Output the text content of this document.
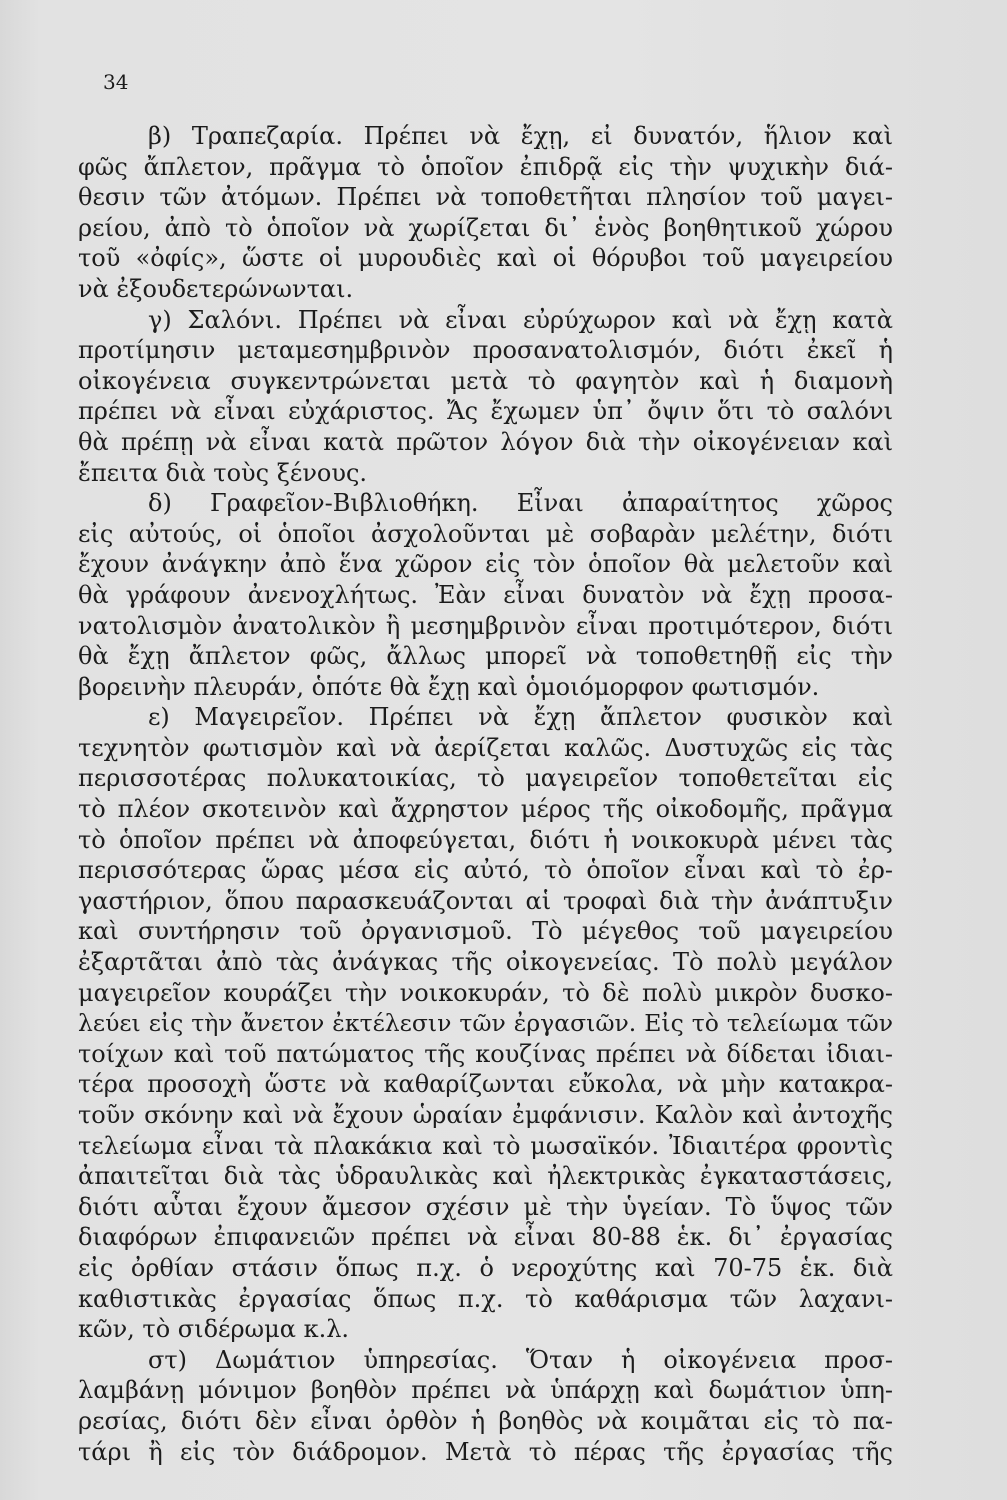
34
β) Τραπεζαρία. Πρέπει νὰ ἔχῃ, εἰ δυνατόν, ἥλιον καὶ
φῶς ἄπλετον, πρᾶγμα τὸ ὁποῖον ἐπιδρᾷ εἰς τὴν ψυχικὴν διά-
θεσιν τῶν ἀτόμων. Πρέπει νὰ τοποθετῆται πλησίον τοῦ μαγει-
ρείου, ἀπὸ τὸ ὁποῖον νὰ χωρίζεται δι᾿ ἑνὸς βοηθητικοῦ χώρου
τοῦ «ὀφίς», ὥστε οἱ μυρουδιὲς καὶ οἱ θόρυβοι τοῦ μαγειρείου
νὰ ἐξουδετερώνωνται.
γ) Σαλόνι. Πρέπει νὰ εἶναι εὐρύχωρον καὶ νὰ ἔχῃ κατὰ
προτίμησιν μεταμεσημβρινὸν προσανατολισμόν, διότι ἐκεῖ ἡ
οἰκογένεια συγκεντρώνεται μετὰ τὸ φαγητὸν καὶ ἡ διαμονὴ
πρέπει νὰ εἶναι εὐχάριστος. Ἄς ἔχωμεν ὑπ᾿ ὄψιν ὅτι τὸ σαλόνι
θὰ πρέπῃ νὰ εἶναι κατὰ πρῶτον λόγον διὰ τὴν οἰκογένειαν καὶ
ἔπειτα διὰ τοὺς ξένους.
δ) Γραφεῖον-Βιβλιοθήκη. Εἶναι ἀπαραίτητος χῶρος
εἰς αὐτούς, οἱ ὁποῖοι ἀσχολοῦνται μὲ σοβαρὰν μελέτην, διότι
ἔχουν ἀνάγκην ἀπὸ ἕνα χῶρον εἰς τὸν ὁποῖον θὰ μελετοῦν καὶ
θὰ γράφουν ἀνενοχλήτως. Ἐὰν εἶναι δυνατὸν νὰ ἔχῃ προσα-
νατολισμὸν ἀνατολικὸν ἢ μεσημβρινὸν εἶναι προτιμότερον, διότι
θὰ ἔχῃ ἄπλετον φῶς, ἄλλως μπορεῖ νὰ τοποθετηθῇ εἰς τὴν
βορεινὴν πλευράν, ὁπότε θὰ ἔχῃ καὶ ὁμοιόμορφον φωτισμόν.
ε) Μαγειρεῖον. Πρέπει νὰ ἔχῃ ἄπλετον φυσικὸν καὶ
τεχνητὸν φωτισμὸν καὶ νὰ ἀερίζεται καλῶς. Δυστυχῶς εἰς τὰς
περισσοτέρας πολυκατοικίας, τὸ μαγειρεῖον τοποθετεῖται εἰς
τὸ πλέον σκοτεινὸν καὶ ἄχρηστον μέρος τῆς οἰκοδομῆς, πρᾶγμα
τὸ ὁποῖον πρέπει νὰ ἀποφεύγεται, διότι ἡ νοικοκυρὰ μένει τὰς
περισσότερας ὥρας μέσα εἰς αὐτό, τὸ ὁποῖον εἶναι καὶ τὸ ἐρ-
γαστήριον, ὅπου παρασκευάζονται αἱ τροφαὶ διὰ τὴν ἀνάπτυξιν
καὶ συντήρησιν τοῦ ὀργανισμοῦ. Τὸ μέγεθος τοῦ μαγειρείου
ἐξαρτᾶται ἀπὸ τὰς ἀνάγκας τῆς οἰκογενείας. Τὸ πολὺ μεγάλον
μαγειρεῖον κουράζει τὴν νοικοκυράν, τὸ δὲ πολὺ μικρὸν δυσκο-
λεύει εἰς τὴν ἄνετον ἐκτέλεσιν τῶν ἐργασιῶν. Εἰς τὸ τελείωμα τῶν
τοίχων καὶ τοῦ πατώματος τῆς κουζίνας πρέπει νὰ δίδεται ἰδιαι-
τέρα προσοχὴ ὥστε νὰ καθαρίζωνται εὔκολα, νὰ μὴν κατακρα-
τοῦν σκόνην καὶ νὰ ἔχουν ὡραίαν ἐμφάνισιν. Καλὸν καὶ ἀντοχῆς
τελείωμα εἶναι τὰ πλακάκια καὶ τὸ μωσαϊκόν. Ἰδιαιτέρα φροντὶς
ἀπαιτεῖται διὰ τὰς ὑδραυλικὰς καὶ ἠλεκτρικὰς ἐγκαταστάσεις,
διότι αὗται ἔχουν ἄμεσον σχέσιν μὲ τὴν ὑγείαν. Τὸ ὕψος τῶν
διαφόρων ἐπιφανειῶν πρέπει νὰ εἶναι 80-88 ἑκ. δι᾿ ἐργασίας
εἰς ὀρθίαν στάσιν ὅπως π.χ. ὁ νεροχύτης καὶ 70-75 ἑκ. διὰ
καθιστικὰς ἐργασίας ὅπως π.χ. τὸ καθάρισμα τῶν λαχανι-
κῶν, τὸ σιδέρωμα κ.λ.
στ) Δωμάτιον ὑπηρεσίας. Ὅταν ἡ οἰκογένεια προσ-
λαμβάνῃ μόνιμον βοηθὸν πρέπει νὰ ὑπάρχῃ καὶ δωμάτιον ὑπη-
ρεσίας, διότι δὲν εἶναι ὀρθὸν ἡ βοηθὸς νὰ κοιμᾶται εἰς τὸ πα-
τάρι ἢ εἰς τὸν διάδρομον. Μετὰ τὸ πέρας τῆς ἐργασίας τῆς
